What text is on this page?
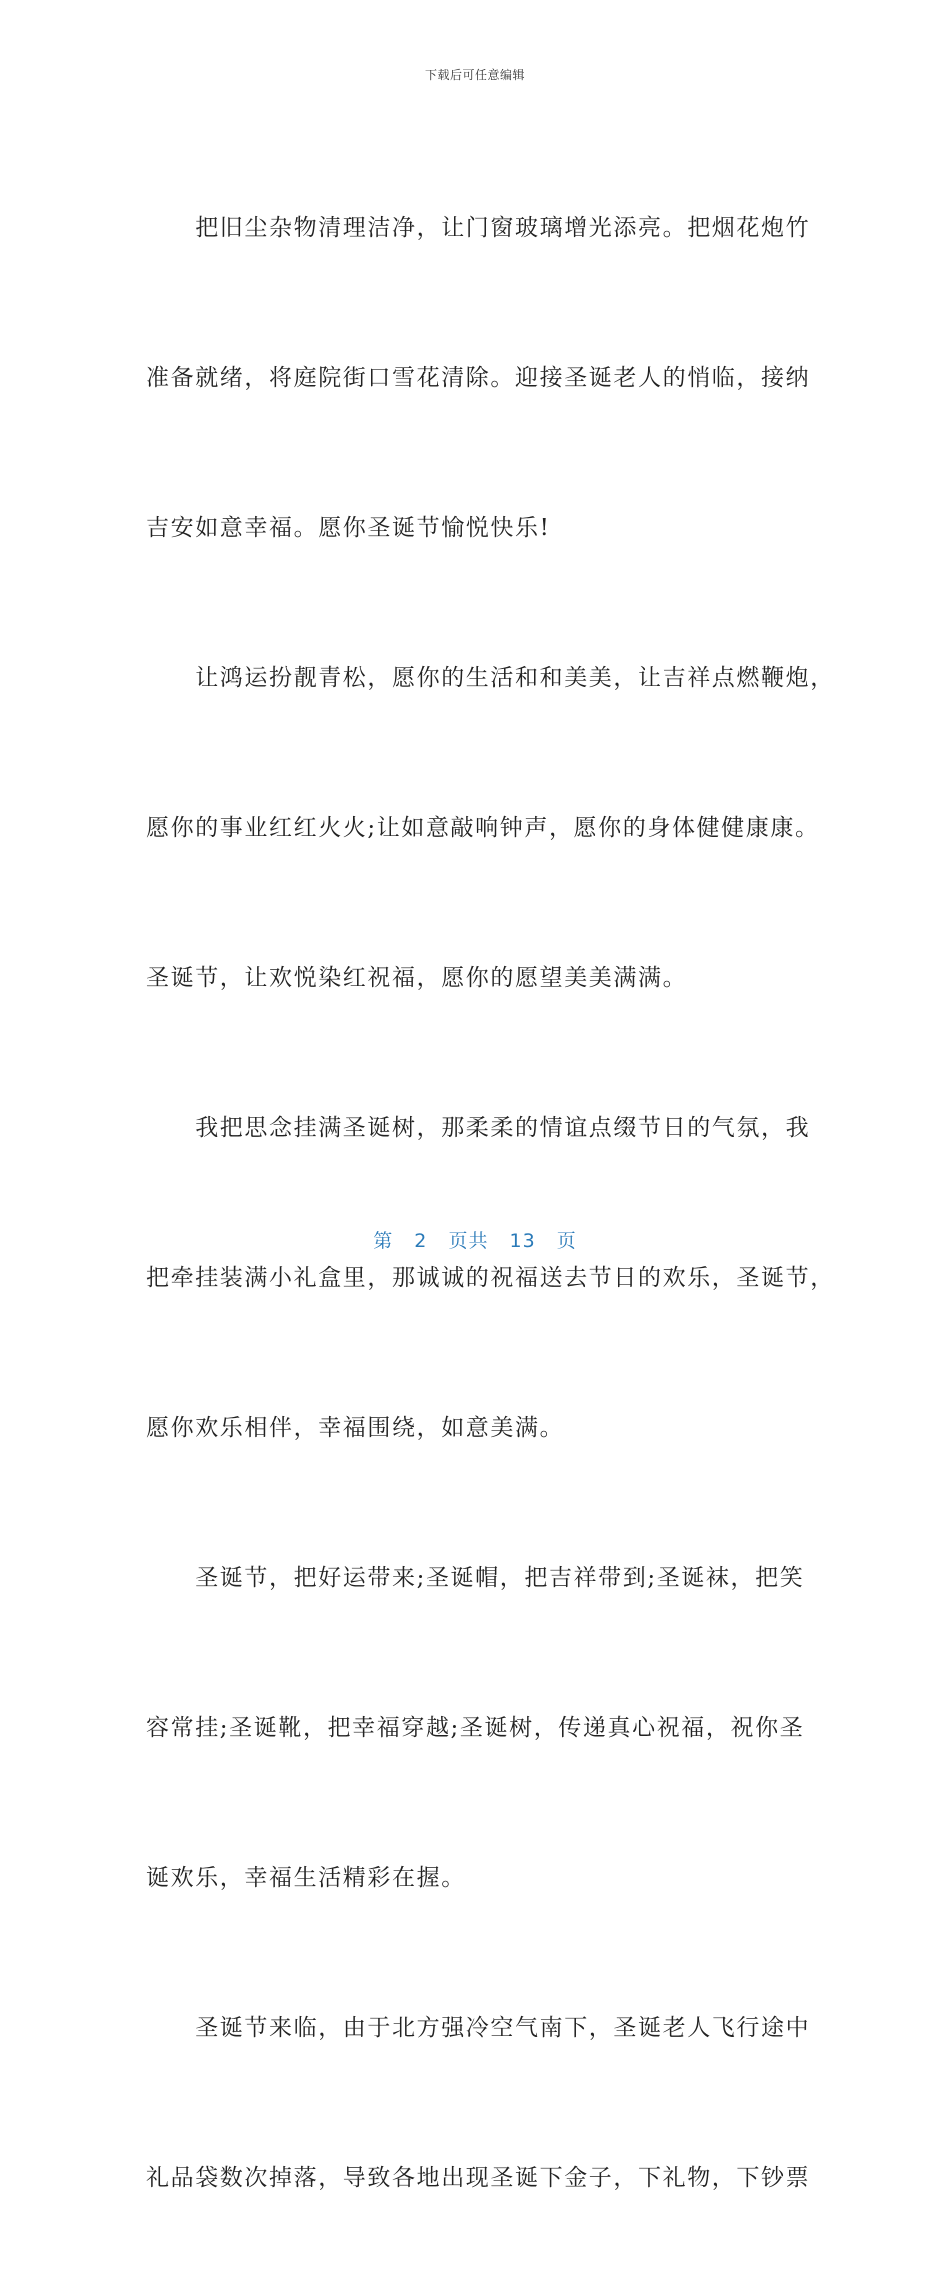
下载后可任意编辑

　　把旧尘杂物清理洁净，让门窗玻璃增光添亮。把烟花炮竹

准备就绪，将庭院街口雪花清除。迎接圣诞老人的悄临，接纳

吉安如意幸福。愿你圣诞节愉悦快乐!

　　让鸿运扮靓青松，愿你的生活和和美美，让吉祥点燃鞭炮，

愿你的事业红红火火;让如意敲响钟声，愿你的身体健健康康。

圣诞节，让欢悦染红祝福，愿你的愿望美美满满。

　　我把思念挂满圣诞树，那柔柔的情谊点缀节日的气氛，我

把牵挂装满小礼盒里，那诚诚的祝福送去节日的欢乐，圣诞节，

愿你欢乐相伴，幸福围绕，如意美满。

　　圣诞节，把好运带来;圣诞帽，把吉祥带到;圣诞袜，把笑

容常挂;圣诞靴，把幸福穿越;圣诞树，传递真心祝福，祝你圣

诞欢乐，幸福生活精彩在握。

　　圣诞节来临，由于北方强冷空气南下，圣诞老人飞行途中

礼品袋数次掉落，导致各地出现圣诞下金子，下礼物，下钞票

第 2 页共 13 页
